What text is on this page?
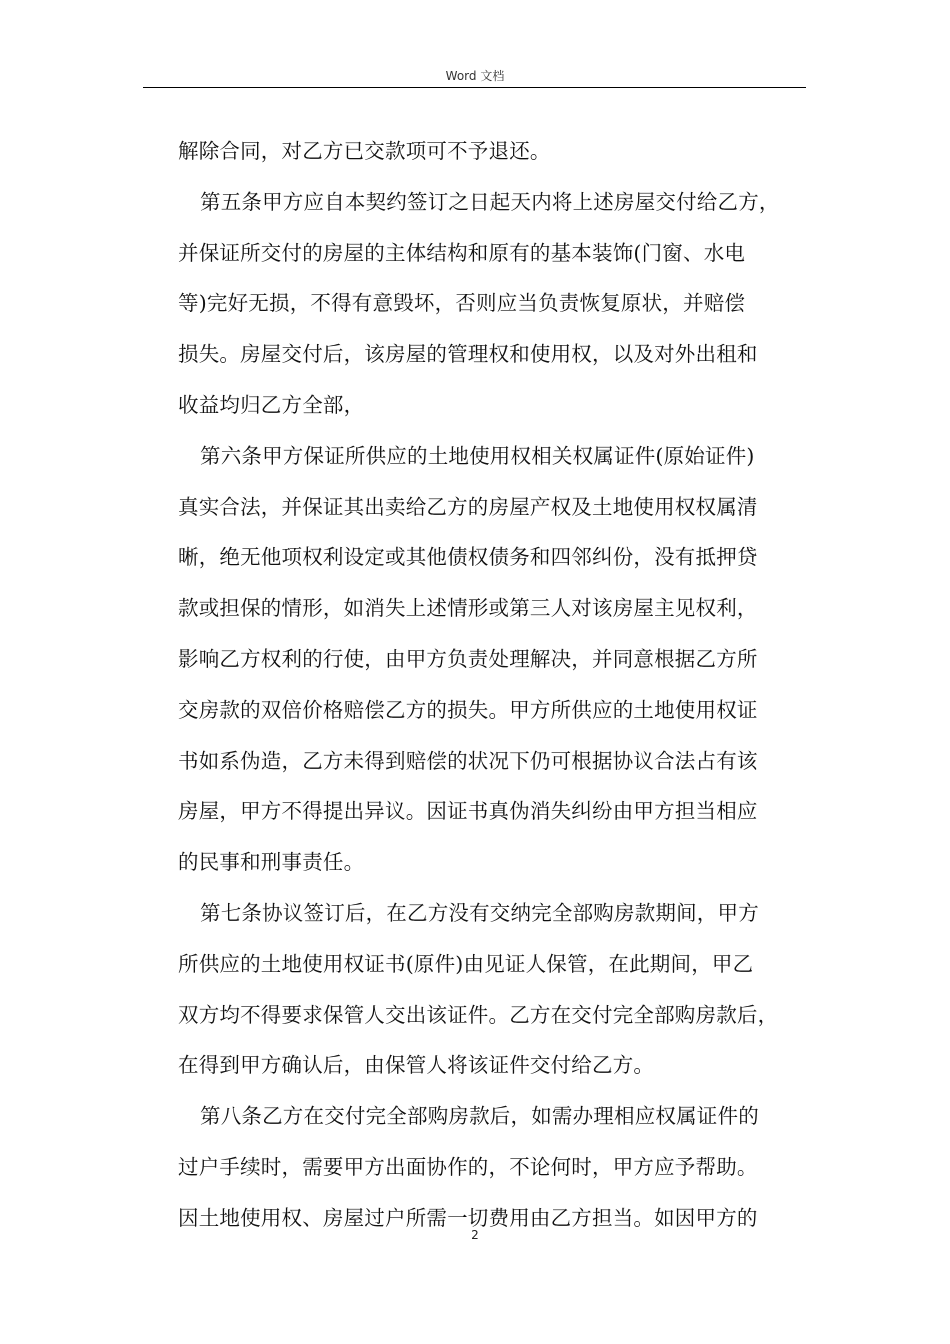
Word 文档
解除合同，对乙方已交款项可不予退还。
第五条甲方应自本契约签订之日起天内将上述房屋交付给乙方，
并保证所交付的房屋的主体结构和原有的基本装饰(门窗、水电
等)完好无损，不得有意毁坏，否则应当负责恢复原状，并赔偿
损失。房屋交付后，该房屋的管理权和使用权，以及对外出租和
收益均归乙方全部，
第六条甲方保证所供应的土地使用权相关权属证件(原始证件)
真实合法，并保证其出卖给乙方的房屋产权及土地使用权权属清
晰，绝无他项权利设定或其他债权债务和四邻纠份，没有抵押贷
款或担保的情形，如消失上述情形或第三人对该房屋主见权利，
影响乙方权利的行使，由甲方负责处理解决，并同意根据乙方所
交房款的双倍价格赔偿乙方的损失。甲方所供应的土地使用权证
书如系伪造，乙方未得到赔偿的状况下仍可根据协议合法占有该
房屋，甲方不得提出异议。因证书真伪消失纠纷由甲方担当相应
的民事和刑事责任。
第七条协议签订后，在乙方没有交纳完全部购房款期间，甲方
所供应的土地使用权证书(原件)由见证人保管，在此期间，甲乙
双方均不得要求保管人交出该证件。乙方在交付完全部购房款后，
在得到甲方确认后，由保管人将该证件交付给乙方。
第八条乙方在交付完全部购房款后，如需办理相应权属证件的
过户手续时，需要甲方出面协作的，不论何时，甲方应予帮助。
因土地使用权、房屋过户所需一切费用由乙方担当。如因甲方的
2
